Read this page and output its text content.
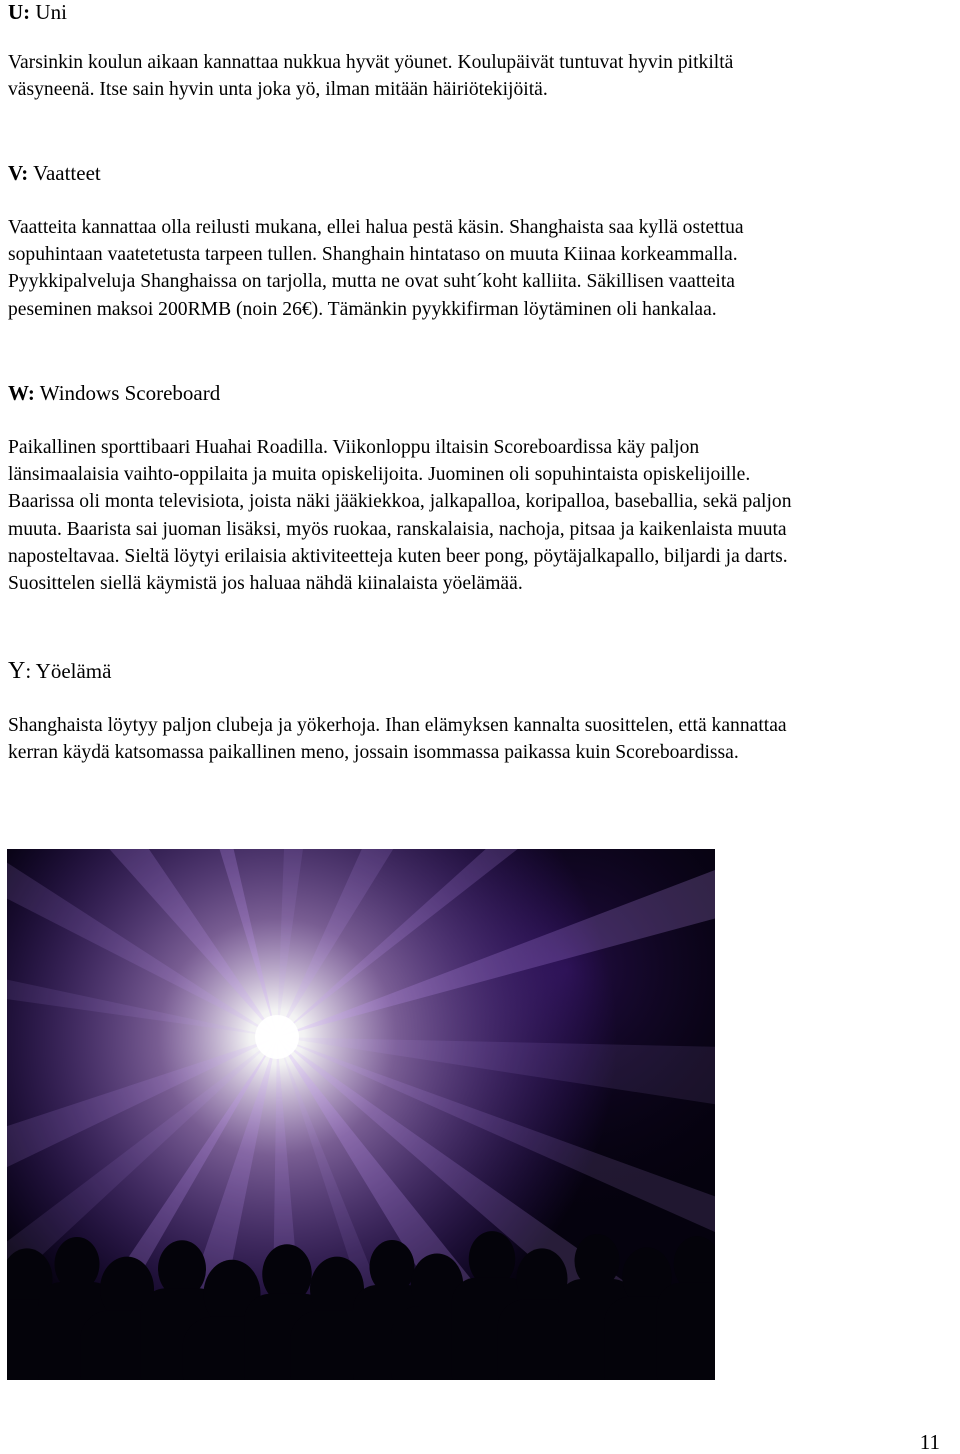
U: Uni
Varsinkin koulun aikaan kannattaa nukkua hyvät yöunet. Koulupäivät tuntuvat hyvin pitkiltä
väsyneenä. Itse sain hyvin unta joka yö, ilman mitään häiriötekijöitä.
V: Vaatteet
Vaatteita kannattaa olla reilusti mukana, ellei halua pestä käsin. Shanghaista saa kyllä ostettua
sopuhintaan vaatetetusta tarpeen tullen. Shanghain hintataso on muuta Kiinaa korkeammalla.
Pyykkipalveluja Shanghaissa on tarjolla, mutta ne ovat suht´koht kalliita. Säkillisen vaatteita
peseminen maksoi 200RMB (noin 26€). Tämänkin pyykkifirman löytäminen oli hankalaa.
W: Windows Scoreboard
Paikallinen sporttibaari Huahai Roadilla. Viikonloppu iltaisin Scoreboardissa käy paljon
länsimaalaisia vaihto-oppilaita ja muita opiskelijoita. Juominen oli sopuhintaista opiskelijoille.
Baarissa oli monta televisiota, joista näki jääkiekkoa, jalkapalloa, koripalloa, baseballia, sekä paljon
muuta. Baarista sai juoman lisäksi, myös ruokaa, ranskalaisia, nachoja, pitsaa ja kaikenlaista muuta
naposteltavaa. Sieltä löytyi erilaisia aktiviteetteja kuten beer pong, pöytäjalkapallo, biljardi ja darts.
Suosittelen siellä käymistä jos haluaa nähdä kiinalaista yöelämää.
Y: Yöelämä
Shanghaista löytyy paljon clubeja ja yökerhoja. Ihan elämyksen kannalta suosittelen, että kannattaa
kerran käydä katsomassa paikallinen meno, jossain isommassa paikassa kuin Scoreboardissa.
11
